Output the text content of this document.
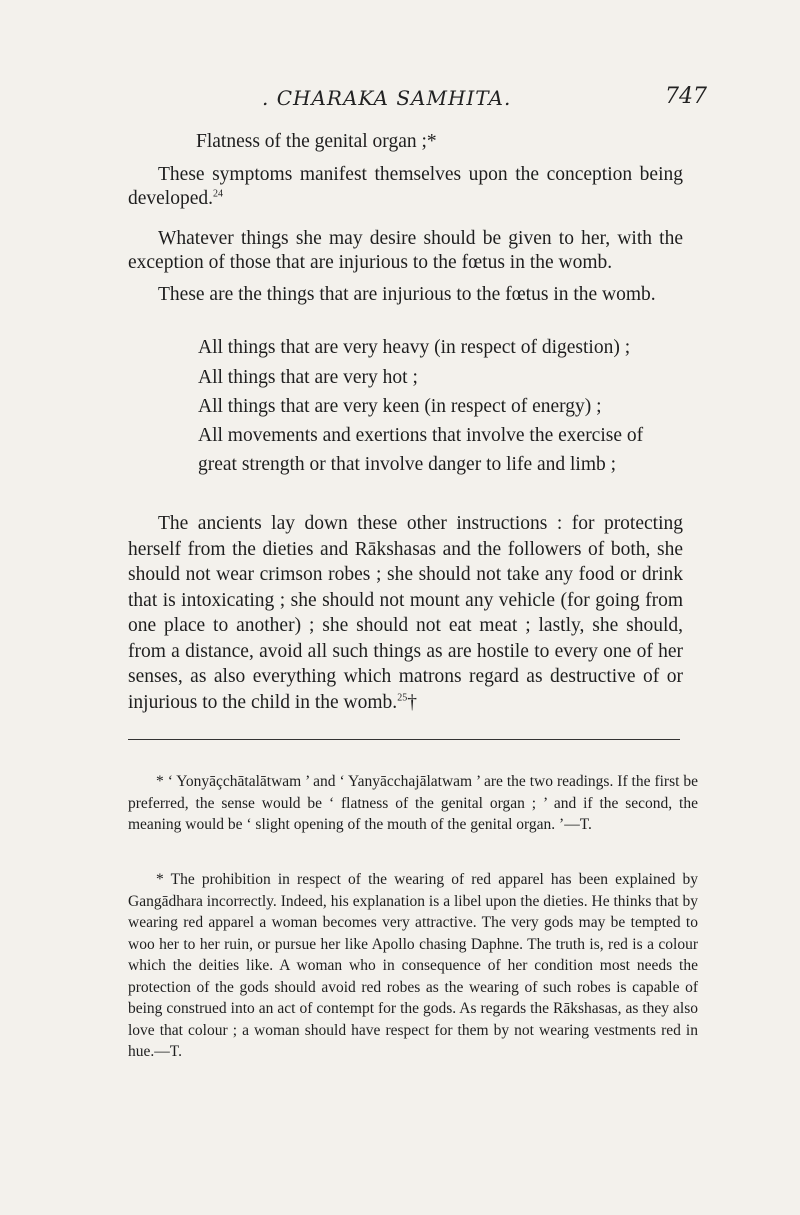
. CHARAKA SAMHITA.	747
Flatness of the genital organ ;*
These symptoms manifest themselves upon the conception being developed.$^{24}$
Whatever things she may desire should be given to her, with the exception of those that are injurious to the fœtus in the womb.
These are the things that are injurious to the fœtus in the womb.
All things that are very heavy (in respect of digestion) ;
All things that are very hot ;
All things that are very keen (in respect of energy) ;
All movements and exertions that involve the exercise of
great strength or that involve danger to life and limb ;
The ancients lay down these other instructions : for protecting herself from the dieties and Rākshasas and the followers of both, she should not wear crimson robes ; she should not take any food or drink that is intoxicating ; she should not mount any vehicle (for going from one place to another) ; she should not eat meat ; lastly, she should, from a distance, avoid all such things as are hostile to every one of her senses, as also everything which matrons regard as destructive of or injurious to the child in the womb.$^{25}$†
* ‘ Yonyāçchātalātwam ’ and ‘ Yanyācchajālatwam ’ are the two readings. If the first be preferred, the sense would be ‘ flatness of the genital organ ; ’ and if the second, the meaning would be ‘ slight opening of the mouth of the genital organ. ’—T.
* The prohibition in respect of the wearing of red apparel has been explained by Gangādhara incorrectly. Indeed, his explanation is a libel upon the dieties. He thinks that by wearing red apparel a woman becomes very attractive. The very gods may be tempted to woo her to her ruin, or pursue her like Apollo chasing Daphne. The truth is, red is a colour which the deities like. A woman who in consequence of her condition most needs the protection of the gods should avoid red robes as the wearing of such robes is capable of being construed into an act of contempt for the gods. As regards the Rākshasas, as they also love that colour ; a woman should have respect for them by not wearing vestments red in hue.—T.
